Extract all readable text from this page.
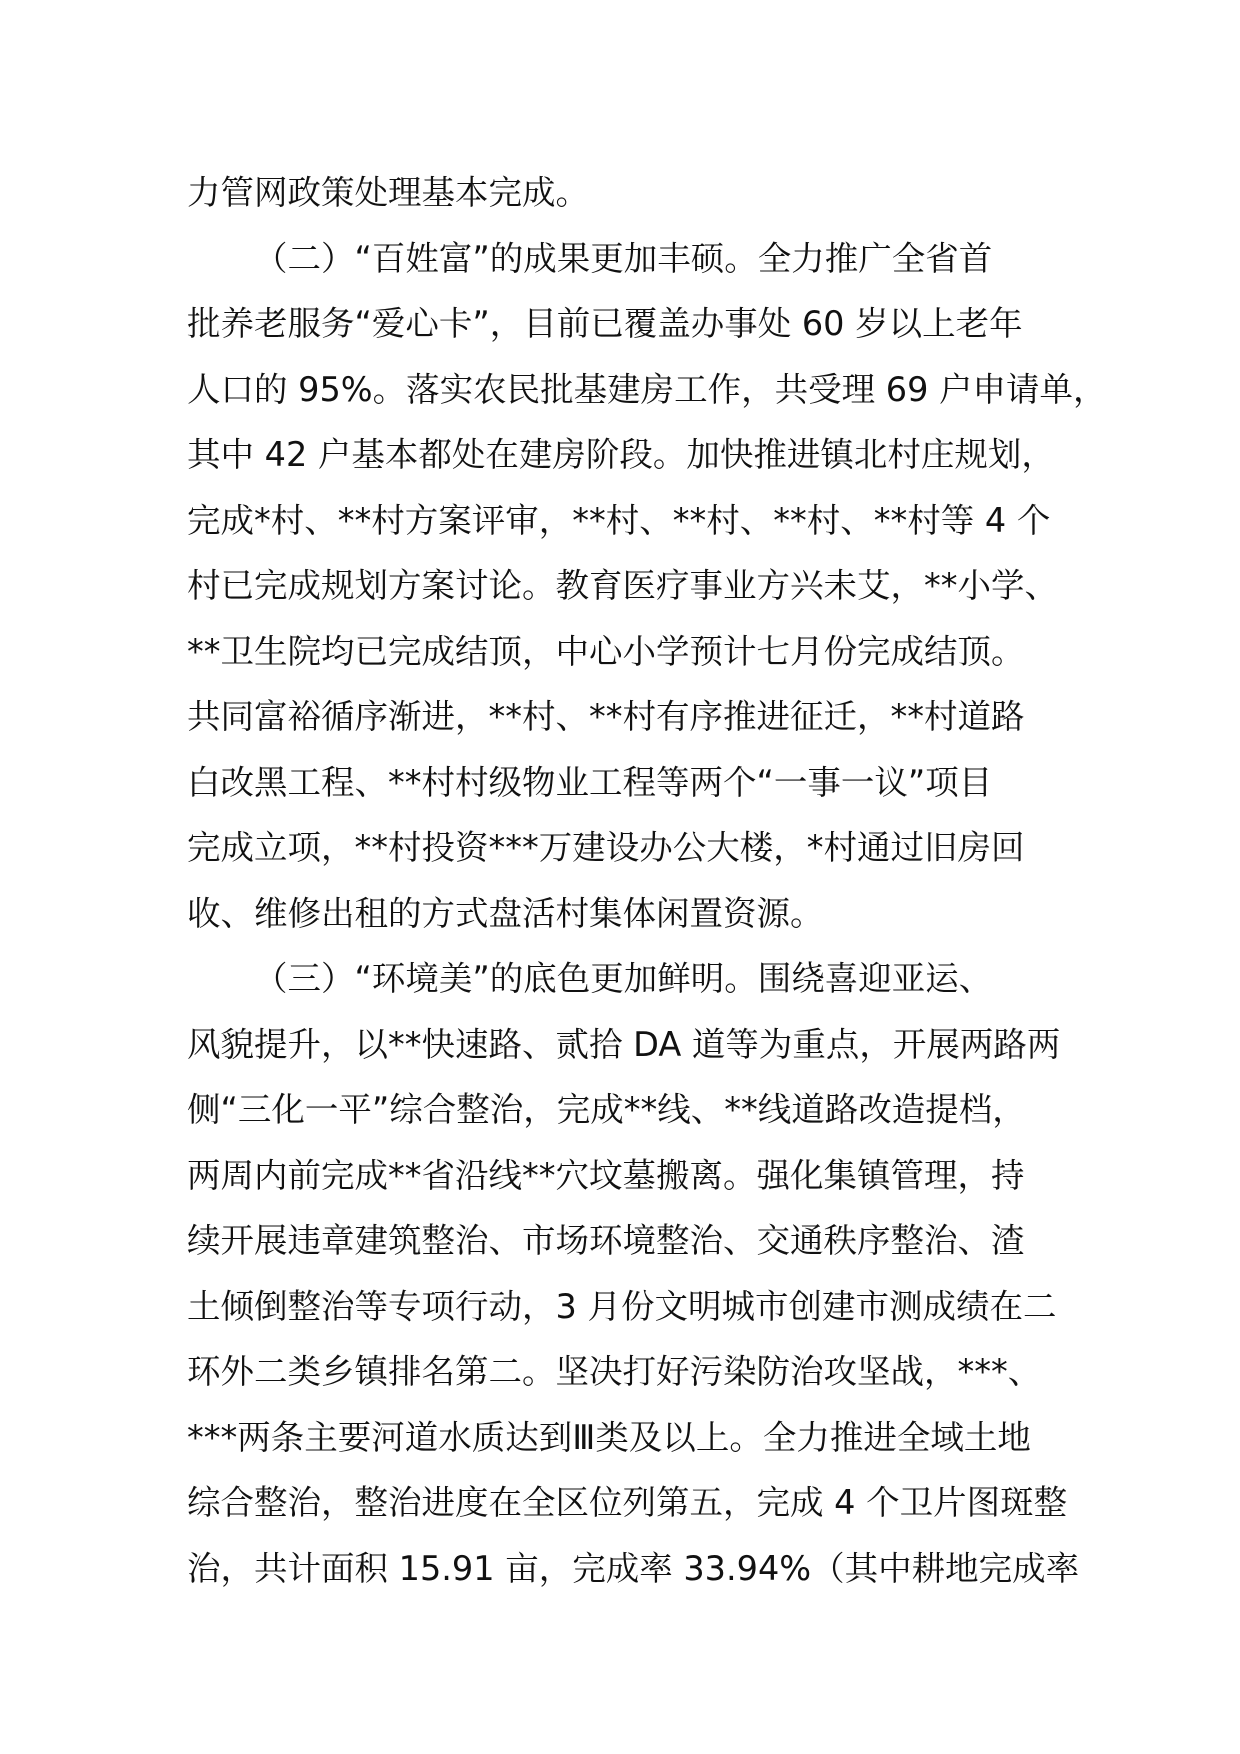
力管网政策处理基本完成。
（二）“百姓富”的成果更加丰硕。全力推广全省首
批养老服务“爱心卡”，目前已覆盖办事处 60 岁以上老年
人口的 95%。落实农民批基建房工作，共受理 69 户申请单，
其中 42 户基本都处在建房阶段。加快推进镇北村庄规划，
完成*村、**村方案评审，**村、**村、**村、**村等 4 个
村已完成规划方案讨论。教育医疗事业方兴未艾，**小学、
**卫生院均已完成结顶，中心小学预计七月份完成结顶。
共同富裕循序渐进，**村、**村有序推进征迁，**村道路
白改黑工程、**村村级物业工程等两个“一事一议”项目
完成立项，**村投资***万建设办公大楼，*村通过旧房回
收、维修出租的方式盘活村集体闲置资源。
（三）“环境美”的底色更加鲜明。围绕喜迎亚运、
风貌提升，以**快速路、贰拾 DA 道等为重点，开展两路两
侧“三化一平”综合整治，完成**线、**线道路改造提档，
两周内前完成**省沿线**穴坟墓搬离。强化集镇管理，持
续开展违章建筑整治、市场环境整治、交通秩序整治、渣
土倾倒整治等专项行动，3 月份文明城市创建市测成绩在二
环外二类乡镇排名第二。坚决打好污染防治攻坚战，***、
***两条主要河道水质达到Ⅲ类及以上。全力推进全域土地
综合整治，整治进度在全区位列第五，完成 4 个卫片图斑整
治，共计面积 15.91 亩，完成率 33.94%（其中耕地完成率
